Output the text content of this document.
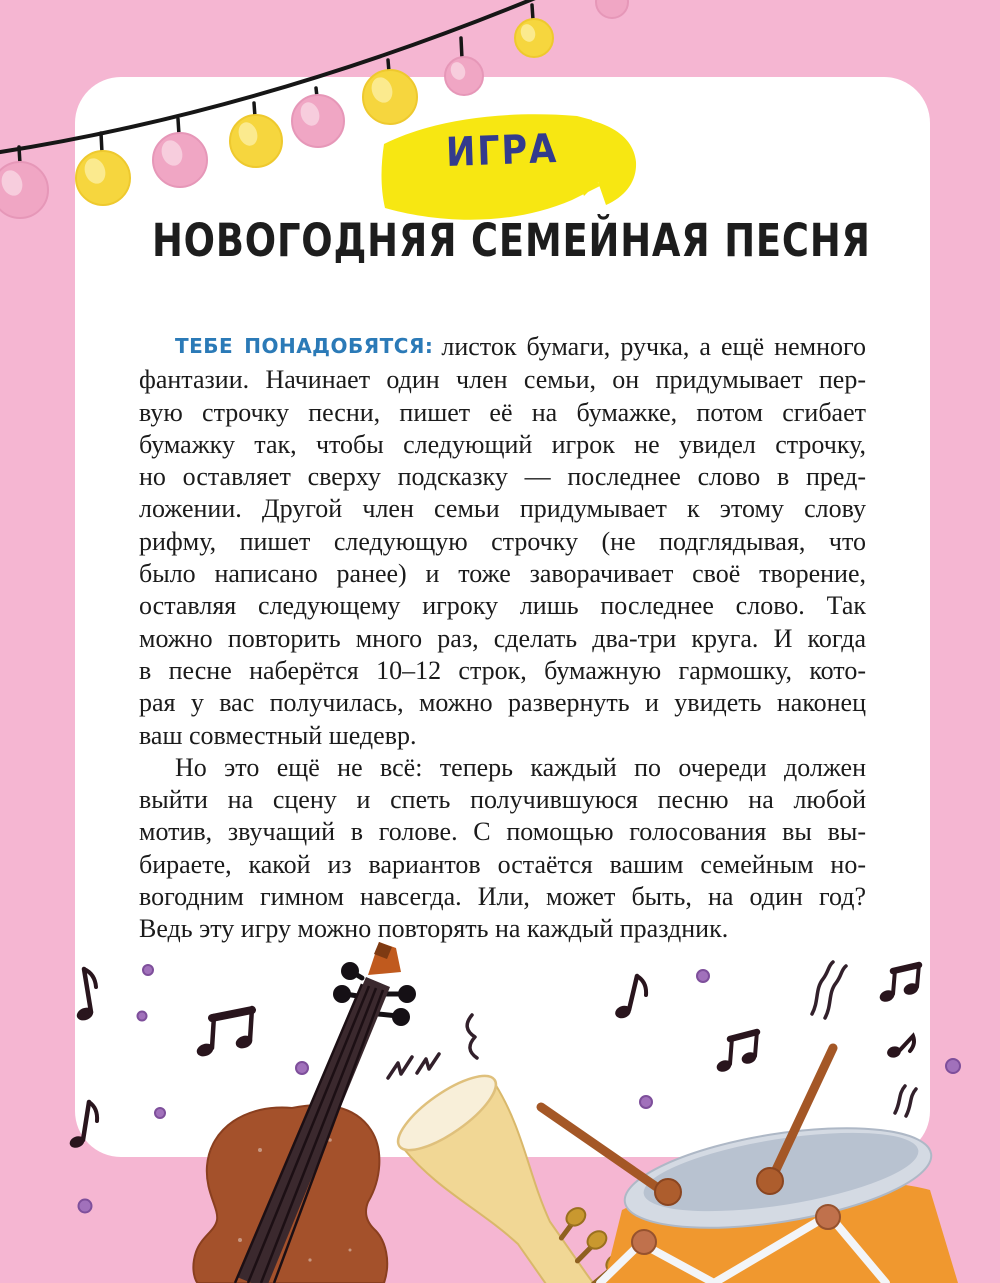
ИГРА
НОВОГОДНЯЯ СЕМЕЙНАЯ ПЕСНЯ
ТЕБЕ ПОНАДОБЯТСЯ: листок бумаги, ручка, а ещё немного
фантазии. Начинает один член семьи, он придумывает пер-
вую строчку песни, пишет её на бумажке, потом сгибает
бумажку так, чтобы следующий игрок не увидел строчку,
но оставляет сверху подсказку — последнее слово в пред-
ложении. Другой член семьи придумывает к этому слову
рифму, пишет следующую строчку (не подглядывая, что
было написано ранее) и тоже заворачивает своё творение,
оставляя следующему игроку лишь последнее слово. Так
можно повторить много раз, сделать два-три круга. И когда
в песне наберётся 10–12 строк, бумажную гармошку, кото-
рая у вас получилась, можно развернуть и увидеть наконец
ваш совместный шедевр.
Но это ещё не всё: теперь каждый по очереди должен
выйти на сцену и спеть получившуюся песню на любой
мотив, звучащий в голове. С помощью голосования вы вы-
бираете, какой из вариантов остаётся вашим семейным но-
вогодним гимном навсегда. Или, может быть, на один год?
Ведь эту игру можно повторять на каждый праздник.
